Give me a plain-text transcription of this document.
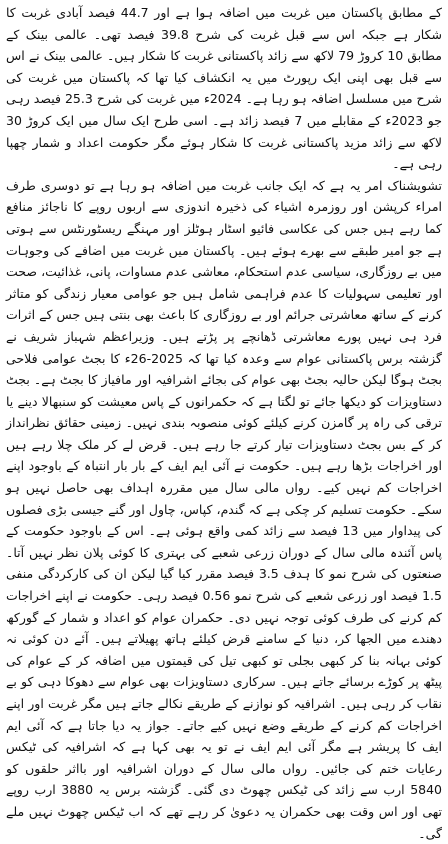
کے مطابق پاکستان میں غربت میں اضافہ ہوا ہے اور 44.7 فیصد آبادی غربت کا شکار ہے جبکہ اس سے قبل غربت کی شرح 39.8 فیصد تھی۔ عالمی بینک کے مطابق 10 کروڑ 79 لاکھ سے زائد پاکستانی غربت کا شکار ہیں۔ عالمی بینک نے اس سے قبل بھی اپنی ایک رپورٹ میں یہ انکشاف کیا تھا کہ پاکستان میں غربت کی شرح میں مسلسل اضافہ ہو رہا ہے۔ 2024ء میں غربت کی شرح 25.3 فیصد رہی جو 2023ء کے مقابلے میں 7 فیصد زائد ہے۔ اسی طرح ایک سال میں ایک کروڑ 30 لاکھ سے زائد مزید پاکستانی غربت کا شکار ہوئے مگر حکومت اعداد و شمار چھپا رہی ہے۔

تشویشناک امر یہ ہے کہ ایک جانب غربت میں اضافہ ہو رہا ہے تو دوسری طرف امراء کرپشن اور روزمرہ اشیاء کی ذخیرہ اندوزی سے اربوں روپے کا ناجائز منافع کما رہے ہیں جس کی عکاسی فائیو اسٹار ہوٹلز اور مہنگے ریسٹورنٹس سے ہوتی ہے جو امیر طبقے سے بھرے ہوئے ہیں۔ پاکستان میں غربت میں اضافے کی وجوہات میں بے روزگاری، سیاسی عدم استحکام، معاشی عدم مساوات، پانی، غذائیت، صحت اور تعلیمی سہولیات کا عدم فراہمی شامل ہیں جو عوامی معیار زندگی کو متاثر کرنے کے ساتھ معاشرتی جرائم اور بے روزگاری کا باعث بھی بنتی ہیں جس کے اثرات فرد ہی نہیں پورے معاشرتی ڈھانچے پر پڑتے ہیں۔ وزیراعظم شہباز شریف نے گزشتہ برس پاکستانی عوام سے وعدہ کیا تھا کہ 2025-26ء کا بجٹ عوامی فلاحی بجٹ ہوگا لیکن حالیہ بجٹ بھی عوام کی بجائے اشرافیہ اور مافیاز کا بجٹ ہے۔ بجٹ دستاویزات کو دیکھا جائے تو لگتا ہے کہ حکمرانوں کے پاس معیشت کو سنبھالا دینے یا ترقی کی راہ پر گامزن کرنے کیلئے کوئی منصوبہ بندی نہیں۔ زمینی حقائق نظرانداز کر کے بس بجٹ دستاویزات تیار کرتے جا رہے ہیں۔ قرض لے کر ملک چلا رہے ہیں اور اخراجات بڑھا رہے ہیں۔ حکومت نے آئی ایم ایف کے بار بار انتباہ کے باوجود اپنے اخراجات کم نہیں کیے۔ رواں مالی سال میں مقررہ اہداف بھی حاصل نہیں ہو سکے۔ حکومت تسلیم کر چکی ہے کہ گندم، کپاس، چاول اور گنے جیسی بڑی فصلوں کی پیداوار میں 13 فیصد سے زائد کمی واقع ہوئی ہے۔ اس کے باوجود حکومت کے پاس آئندہ مالی سال کے دوران زرعی شعبے کی بہتری کا کوئی پلان نظر نہیں آتا۔ صنعتوں کی شرح نمو کا ہدف 3.5 فیصد مقرر کیا گیا لیکن ان کی کارکردگی منفی 1.5 فیصد اور زرعی شعبے کی شرح نمو 0.56 فیصد رہی۔ حکومت نے اپنے اخراجات کم کرنے کی طرف کوئی توجہ نہیں دی۔ حکمران عوام کو اعداد و شمار کے گورکھ دھندے میں الجھا کر، دنیا کے سامنے قرض کیلئے ہاتھ پھیلاتے ہیں۔ آئے دن کوئی نہ کوئی بہانہ بنا کر کبھی بجلی تو کبھی تیل کی قیمتوں میں اضافہ کر کے عوام کی پیٹھ پر کوڑے برسائے جاتے ہیں۔ سرکاری دستاویزات بھی عوام سے دھوکا دہی کو بے نقاب کر رہی ہیں۔ اشرافیہ کو نوازنے کے طریقے نکالے جاتے ہیں مگر غربت اور اپنے اخراجات کم کرنے کے طریقے وضع نہیں کیے جاتے۔ جواز یہ دیا جاتا ہے کہ آئی ایم ایف کا پریشر ہے مگر آئی ایم ایف نے تو یہ بھی کہا ہے کہ اشرافیہ کی ٹیکس رعایات ختم کی جائیں۔ رواں مالی سال کے دوران اشرافیہ اور بااثر حلقوں کو 5840 ارب سے زائد کی ٹیکس چھوٹ دی گئی۔ گزشتہ برس یہ 3880 ارب روپے تھی اور اس وقت بھی حکمران یہ دعویٰ کر رہے تھے کہ اب ٹیکس چھوٹ نہیں ملے گی۔
